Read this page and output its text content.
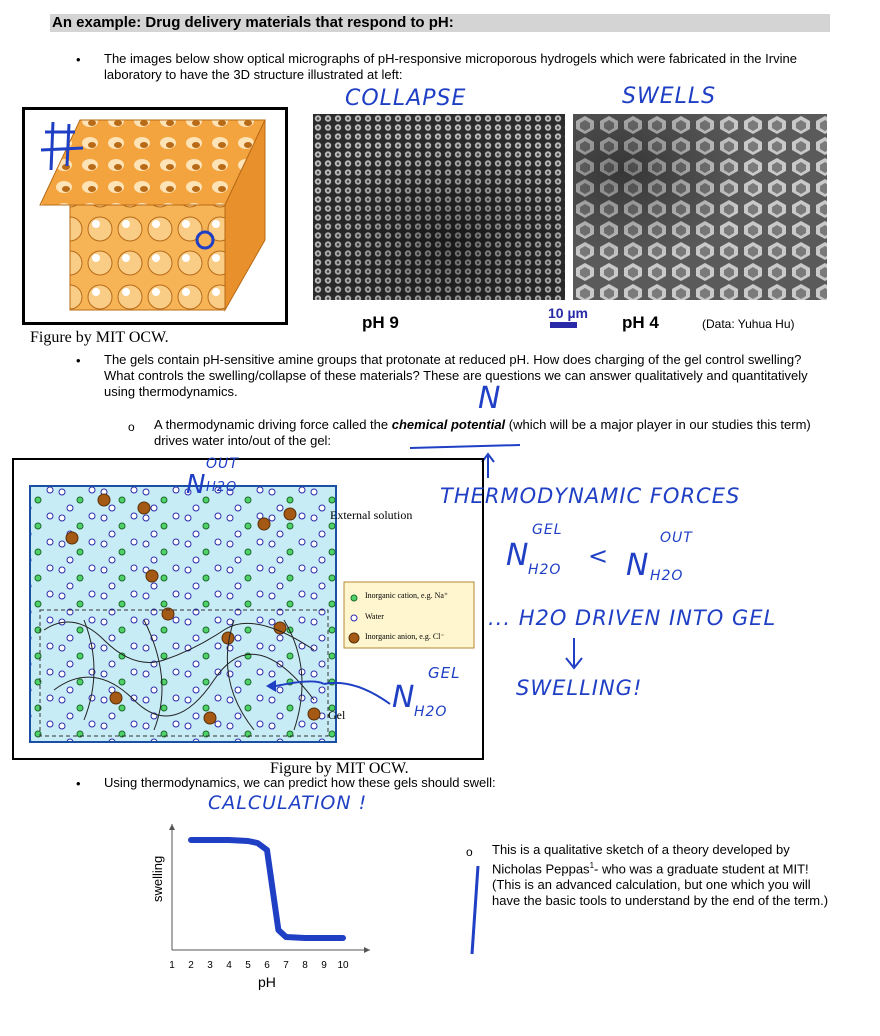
An example: Drug delivery materials that respond to pH:
• The images below show optical micrographs of pH-responsive microporous hydrogels which were fabricated in the Irvine laboratory to have the 3D structure illustrated at left:
Figure by MIT OCW.
COLLAPSE	SWELLS
pH 9	10 µm pH 4	(Data: Yuhua Hu)
• The gels contain pH-sensitive amine groups that protonate at reduced pH. How does charging of the gel control swelling? What controls the swelling/collapse of these materials? These are questions we can answer qualitatively and quantitatively using thermodynamics.
o A thermodynamic driving force called the chemical potential (which will be a major player in our studies this term) drives water into/out of the gel:
N
External solution
Gel
Inorganic cation, e.g. Na⁺
Water
Inorganic anion, e.g. Cl⁻
N
OUT
H2O	THERMODYNAMIC FORCES
GEL
N
H2O <
OUT
N H2O
... H2O DRIVEN INTO GEL
SWELLING!
GEL
N
H2O
Figure by MIT OCW.
• Using thermodynamics, we can predict how these gels should swell:
CALCULATION !
1 2 3 4 5 6 7 8 9 10
swelling
pH
o This is a qualitative sketch of a theory developed by Nicholas Peppas$^1$- who was a graduate student at MIT! (This is an advanced calculation, but one which you will have the basic tools to understand by the end of the term.)
